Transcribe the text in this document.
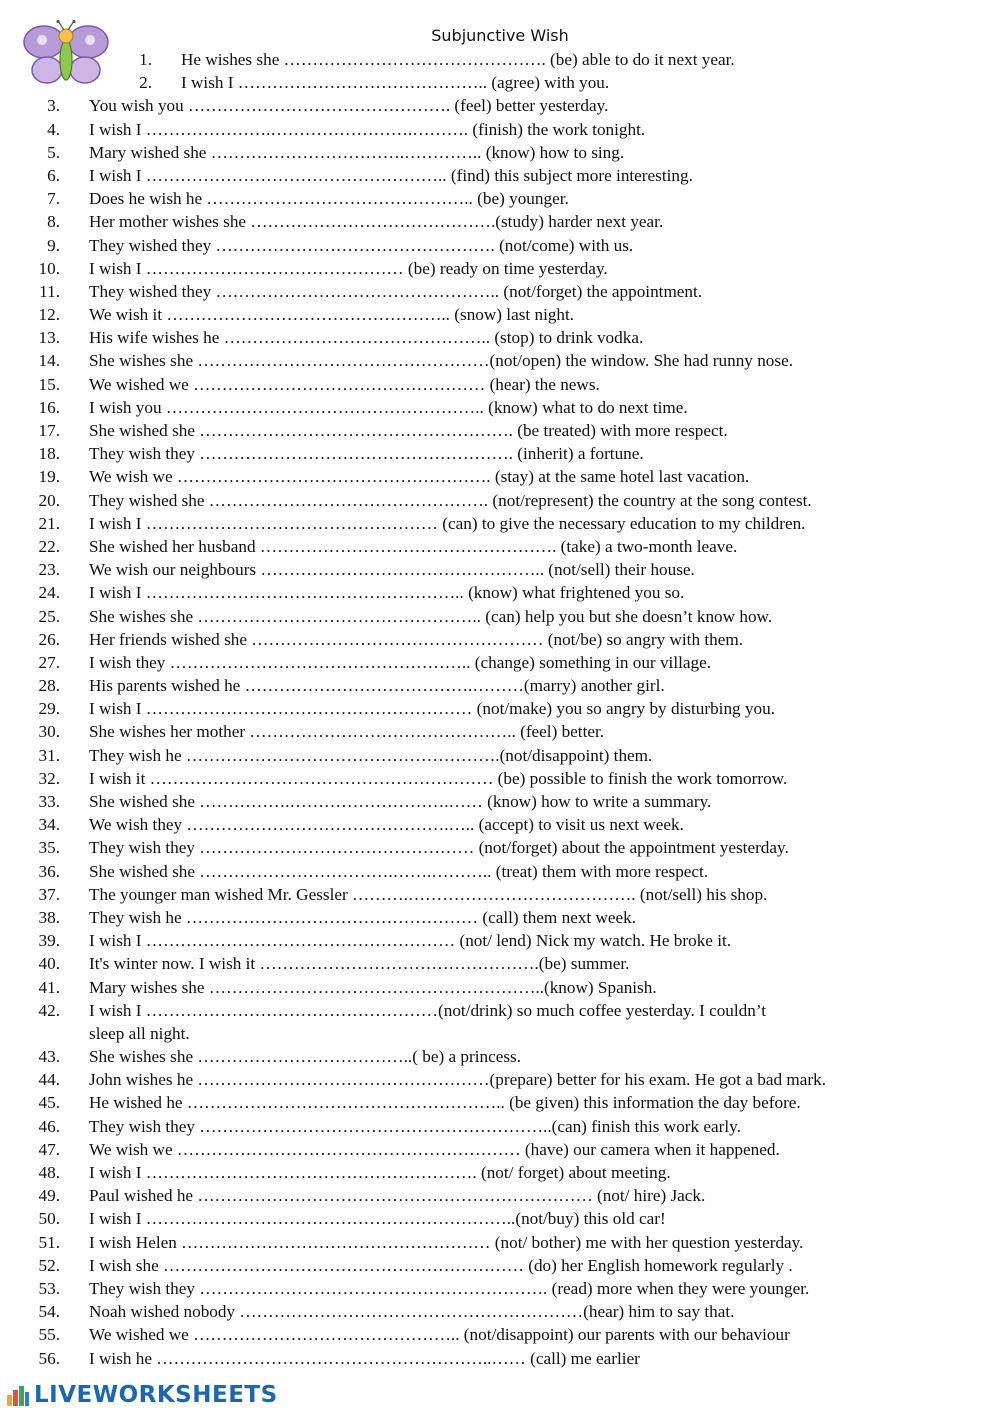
Subjunctive Wish
1. He wishes she ………………………………………. (be) able to do it next year.
2. I wish I …………………………………….. (agree) with you.
3. You wish you ………………………………………. (feel) better yesterday.
4. I wish I ………………….…………………….………. (finish) the work tonight.
5. Mary wished she …………………………….………….. (know) how to sing.
6. I wish I …………………………………………….. (find) this subject more interesting.
7. Does he wish he ……………………………………….. (be) younger.
8. Her mother wishes she …………………………………….(study) harder next year.
9. They wished they …………………………………………. (not/come) with us.
10. I wish I ……………………………………… (be) ready on time yesterday.
11. They wished they ………………………………………….. (not/forget) the appointment.
12. We wish it ………………………………………….. (snow) last night.
13. His wife wishes he ……………………………………….. (stop) to drink vodka.
14. She wishes she ……………………………………………(not/open) the window. She had runny nose.
15. We wished we …………………………………………… (hear) the news.
16. I wish you ……………………………………………….. (know) what to do next time.
17. She wished she ………………………………………………. (be treated) with more respect.
18. They wish they ………………………………………………. (inherit) a fortune.
19. We wish we ………………………………………………. (stay) at the same hotel last vacation.
20. They wished she …………………………………………. (not/represent) the country at the song contest.
21. I wish I …………………………………………… (can) to give the necessary education to my children.
22. She wished her husband ……………………………………………. (take) a two-month leave.
23. We wish our neighbours ………………………………………….. (not/sell) their house.
24. I wish I ……………………………………………….. (know) what frightened you so.
25. She wishes she ………………………………………….. (can) help you but she doesn’t know how.
26. Her friends wished she …………………………………………… (not/be) so angry with them.
27. I wish they …………………………………………….. (change) something in our village.
28. His parents wished he ………………………………….………(marry) another girl.
29. I wish I ………………………………………………… (not/make) you so angry by disturbing you.
30. She wishes her mother ……………………………………….. (feel) better.
31. They wish he ……………………………………………….(not/disappoint) them.
32. I wish it …………………………………………………… (be) possible to finish the work tomorrow.
33. She wished she …………….……………………….…… (know) how to write a summary.
34. We wish they ……………………………………….….. (accept) to visit us next week.
35. They wish they ………………………………………… (not/forget) about the appointment yesterday.
36. She wished she …………………………….…….……….. (treat) them with more respect.
37. The younger man wished Mr. Gessler ……….…………………………………. (not/sell) his shop.
38. They wish he …………………………………………… (call) them next week.
39. I wish I ……………………………………………… (not/ lend) Nick my watch. He broke it.
40. It's winter now. I wish it ………………………………………….(be) summer.
41. Mary wishes she …………………………………………………..(know) Spanish.
42. I wish I ……………………………………………(not/drink) so much coffee yesterday. I couldn’t
sleep all night.
43. She wishes she ………………………………..( be) a princess.
44. John wishes he ……………………………………………(prepare) better for his exam. He got a bad mark.
45. He wished he ……………………………………………….. (be given) this information the day before.
46. They wish they ……………………………………………………..(can) finish this work early.
47. We wish we …………………………………………………… (have) our camera when it happened.
48. I wish I …………………………………………………. (not/ forget) about meeting.
49. Paul wished he …………………………………………………………… (not/ hire) Jack.
50. I wish I ………………………………………………………..(not/buy) this old car!
51. I wish Helen ……………………………………………… (not/ bother) me with her question yesterday.
52. I wish she ……………………………………………………… (do) her English homework regularly .
53. They wish they ……………………………………………………. (read) more when they were younger.
54. Noah wished nobody ……………………………………………………(hear) him to say that.
55. We wished we ……………………………………….. (not/disappoint) our parents with our behaviour
56. I wish he …………………………………………………..…… (call) me earlier
LIVEWORKSHEETS
